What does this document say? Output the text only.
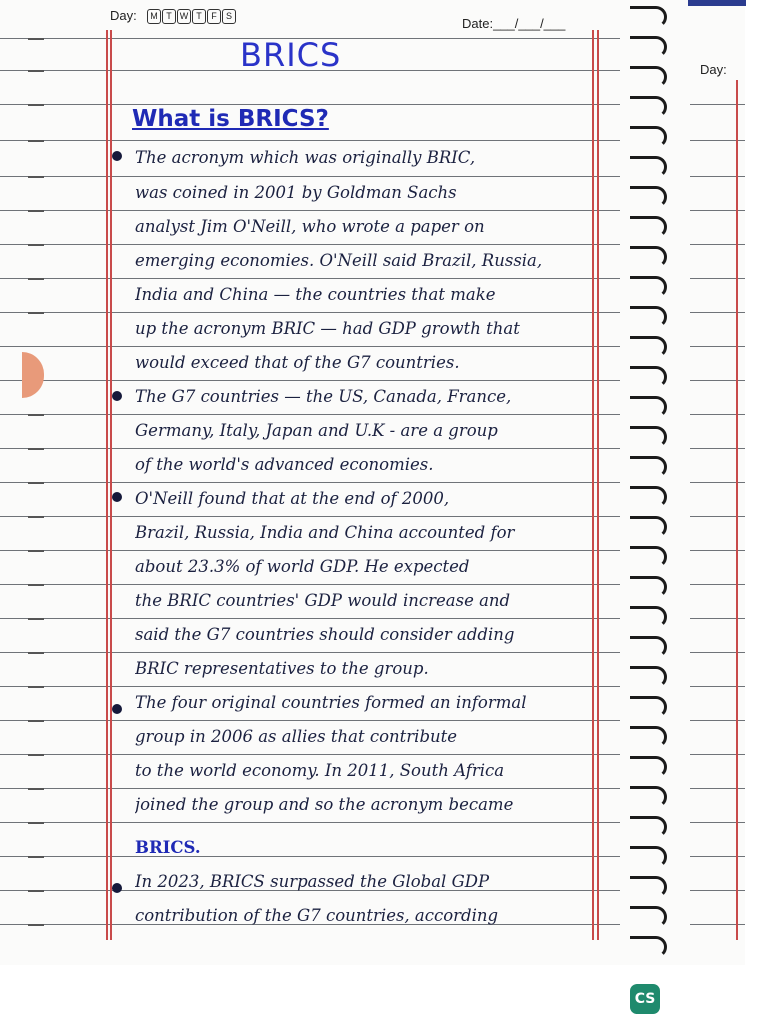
Day:	M T W T	F	S	Date:___/___/___
BRICS
What is BRICS?
The acronym which was originally BRIC,
was coined in 2001 by Goldman Sachs
analyst Jim O'Neill, who wrote a paper on
emerging economies. O'Neill said Brazil, Russia,
India and China — the countries that make
up the acronym BRIC — had GDP growth that
would exceed that of the G7 countries.
The G7 countries — the US, Canada, France,
Germany, Italy, Japan and U.K - are a group
of the world's advanced economies.
O'Neill found that at the end of 2000,
Brazil, Russia, India and China accounted for
about 23.3% of world GDP. He expected
the BRIC countries' GDP would increase and
said the G7 countries should consider adding
BRIC representatives to the group.
The four original countries formed an informal
group in 2006 as allies that contribute
to the world economy. In 2011, South Africa
joined the group and so the acronym became
BRICS.
In 2023, BRICS surpassed the Global GDP
contribution of the G7 countries, according
Day:
CS
